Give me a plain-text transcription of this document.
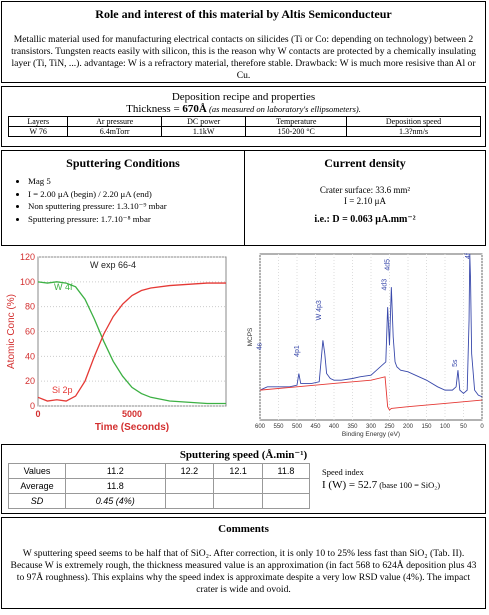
Role and interest of this material by Altis Semiconducteur
Metallic material used for manufacturing electrical contacts on silicides (Ti or Co: depending on technology) between 2 transistors. Tungsten reacts easily with silicon, this is the reason why W contacts are protected by a chemically insulating layer (Ti, TiN, ...). advantage: W is a refractory material, therefore stable. Drawback: W is much more resisive than Al or Cu.
Deposition recipe and properties
Thickness = 670Å (as measured on laboratory's ellipsometers).
Layers	Ar pressure	DC power	Temperature	Deposition speed
W 76	6.4mTorr	1.1kW	150-200 °C	1.3?nm/s
Sputtering Conditions
• Mag 5
• I = 2.00 μA (begin) / 2.20 μA (end)
• Non sputtering pressure: 1.3.10⁻⁹ mbar
• Sputtering pressure: 1.7.10⁻⁸ mbar
Current density
Crater surface: 33.6 mm²
I = 2.10 μA
i.e.: D = 0.063 μA.mm⁻²
0
20
40
60
80
100
120
0	5000
Time (Seconds)
Atomic Conc (%)
W exp 66-4
W 4f
Si 2p
600 550 500 450 400 350 300 250 200 150 100 50 0
Binding Energy (eV)
MCPS
4s	4p1
W 4p3
4d3
4d5
5s
4f
Sputtering speed (Å.min⁻¹)
Values	11.2	12.2	12.1	11.8
Average	11.8			
SD	0.45 (4%)			
Speed index
I (W) = 52.7 (base 100 = SiO₂)
Comments
W sputtering speed seems to be half that of SiO₂. After correction, it is only 10 to 25% less fast than SiO₂ (Tab. II). Because W is extremely rough, the thickness measured value is an approximation (in fact 568 to 624Å deposition plus 43 to 97Å roughness). This explains why the speed index is approximate despite a very low RSD value (4%). The impact crater is wide and ovoid.
